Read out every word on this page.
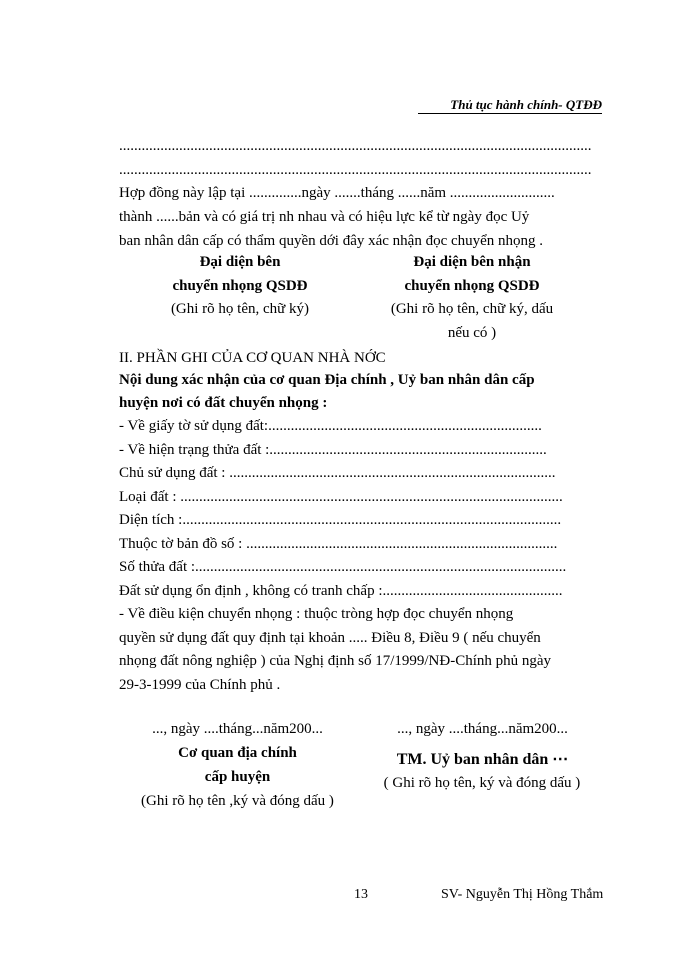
Thủ tục hành chính- QTĐĐ
..............................................................................................................................
..............................................................................................................................
Hợp đồng này lập tại ..............ngày .......tháng ......năm ............................
thành ......bản và có giá trị nh nhau và có hiệu lực kể từ ngày đọc Uỷ
ban nhân dân cấp có thẩm quyền dới đây xác nhận đọc chuyển nhọng .
Đại diện bên
chuyển nhọng QSDĐ
(Ghi rõ họ tên, chữ ký)
Đại diện bên nhận
chuyển nhọng QSDĐ
(Ghi rõ họ tên, chữ ký, dấu
nếu có )
II. PHẦN GHI CỦA CƠ QUAN NHÀ NỚC
Nội dung xác nhận của cơ quan Địa chính , Uỷ ban nhân dân cấp
huyện nơi có đất chuyển nhọng :
- Về giấy tờ sử dụng đất:.........................................................................
- Về hiện trạng thửa đất :..........................................................................
Chủ sử dụng đất : .......................................................................................
Loại đất : ......................................................................................................
Diện tích :.....................................................................................................
Thuộc tờ bản đồ số : ...................................................................................
Số thửa đất :...................................................................................................
Đất sử dụng ổn định , không có tranh chấp :................................................
- Về điều kiện chuyển nhọng : thuộc tròng hợp đọc chuyển nhọng
quyền sử dụng đất quy định tại khoản ..... Điều 8, Điều 9 ( nếu chuyển
nhọng đất nông nghiệp ) của Nghị định số 17/1999/NĐ-Chính phủ ngày
29-3-1999 của Chính phủ .
..., ngày ....tháng...năm200...
Cơ quan địa chính
cấp huyện
(Ghi rõ họ tên ,ký và đóng dấu )
..., ngày ....tháng...năm200...
TM. Uỷ ban nhân dân ⋯
( Ghi rõ họ tên, ký và đóng dấu )
13	SV- Nguyễn Thị Hồng Thắm
